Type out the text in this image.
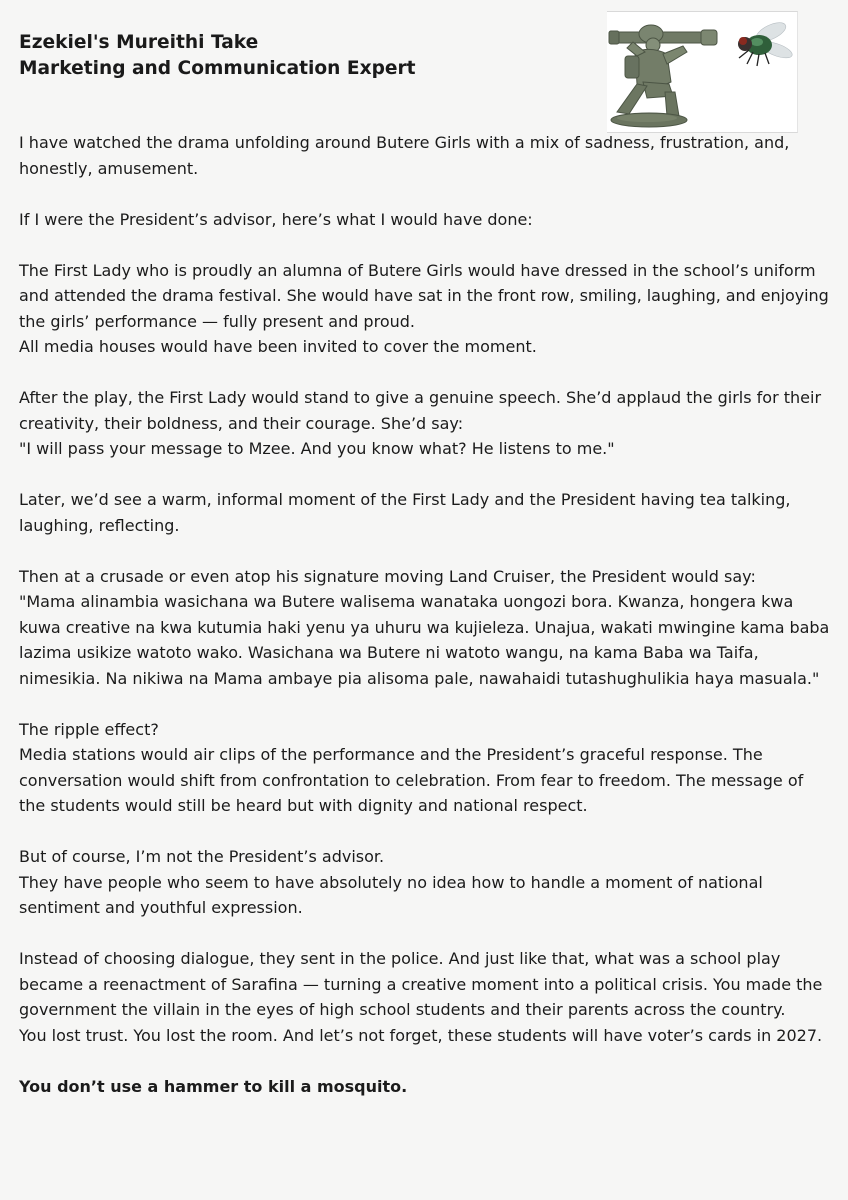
Ezekiel's Mureithi Take
Marketing and Communication Expert

I have watched the drama unfolding around Butere Girls with a mix of sadness, frustration, and,
honestly, amusement.

If I were the President’s advisor, here’s what I would have done:

The First Lady who is proudly an alumna of Butere Girls would have dressed in the school’s uniform
and attended the drama festival. She would have sat in the front row, smiling, laughing, and enjoying
the girls’ performance — fully present and proud.
All media houses would have been invited to cover the moment.

After the play, the First Lady would stand to give a genuine speech. She’d applaud the girls for their
creativity, their boldness, and their courage. She’d say:
"I will pass your message to Mzee. And you know what? He listens to me."

Later, we’d see a warm, informal moment of the First Lady and the President having tea talking,
laughing, reflecting.

Then at a crusade or even atop his signature moving Land Cruiser, the President would say:
"Mama alinambia wasichana wa Butere walisema wanataka uongozi bora. Kwanza, hongera kwa
kuwa creative na kwa kutumia haki yenu ya uhuru wa kujieleza. Unajua, wakati mwingine kama baba
lazima usikize watoto wako. Wasichana wa Butere ni watoto wangu, na kama Baba wa Taifa,
nimesikia. Na nikiwa na Mama ambaye pia alisoma pale, nawahaidi tutashughulikia haya masuala."

The ripple effect?
Media stations would air clips of the performance and the President’s graceful response. The
conversation would shift from confrontation to celebration. From fear to freedom. The message of
the students would still be heard but with dignity and national respect.

But of course, I’m not the President’s advisor.
They have people who seem to have absolutely no idea how to handle a moment of national
sentiment and youthful expression.

Instead of choosing dialogue, they sent in the police. And just like that, what was a school play
became a reenactment of Sarafina — turning a creative moment into a political crisis. You made the
government the villain in the eyes of high school students and their parents across the country.
You lost trust. You lost the room. And let’s not forget, these students will have voter’s cards in 2027.

You don’t use a hammer to kill a mosquito.
